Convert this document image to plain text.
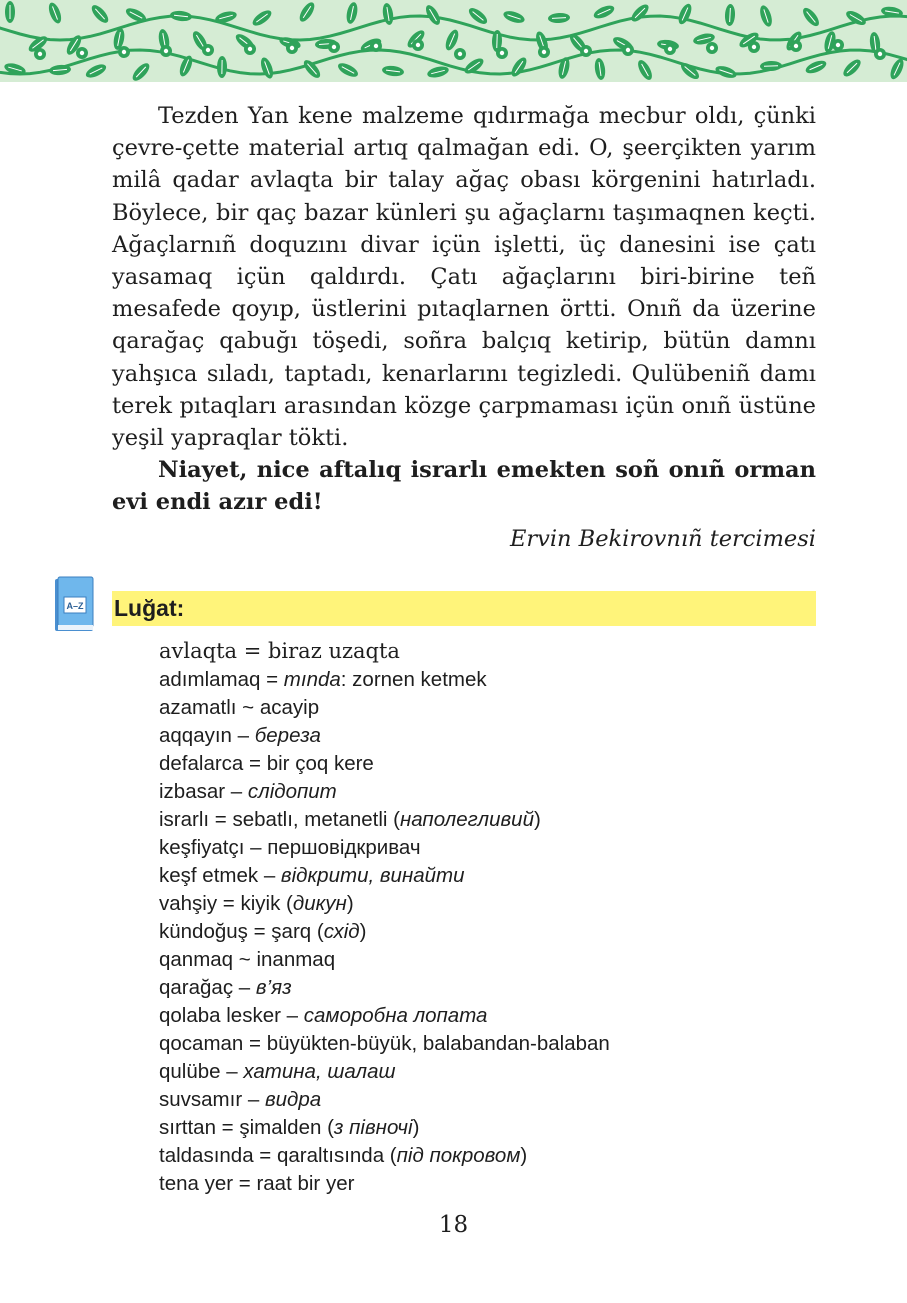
Tezden Yan kene malzeme qıdırmağa mecbur oldı, çünki çevre-çette material artıq qalmağan edi. O, şeerçikten yarım milâ qadar avlaqta bir talay ağaç obası körgenini hatırladı. Böylece, bir qaç bazar künleri şu ağaçlarnı taşımaqnen keçti. Ağaçlarnıñ doquzını divar içün işletti, üç danesini ise çatı yasamaq içün qaldırdı. Çatı ağaçlarını biri-birine teñ mesafede qoyıp, üstlerini pıtaqlarnen örtti. Onıñ da üzerine qarağaç qabuğı töşedi, soñra balçıq ketirip, bütün damnı yahşıca sıladı, taptadı, kenarlarını tegizledi. Qulübeniñ damı terek pıtaqları arasından közge çarpmaması içün onıñ üstüne yeşil yapraqlar tökti.

Niayet, nice aftalıq israrlı emekten soñ onıñ orman evi endi azır edi!

Ervin Bekirovnıñ tercimesi
A–Z Luğat:
avlaqta = biraz uzaqta
adımlamaq = mında: zornen ketmek
azamatlı ~ acayip
aqqayın – береза
defalarca = bir çoq kere
izbasar – слідопит
israrlı = sebatlı, metanetli (наполегливий)
keşfiyatçı – першовідкривач
keşf etmek – відкрити, винайти
vahşiy = kiyik (дикун)
kündoğuş = şarq (схід)
qanmaq ~ inanmaq
qarağaç – в’яз
qolaba lesker – саморобна лопата
qocaman = büyükten-büyük, balabandan-balaban
qulübe – хатина, шалаш
suvsamır – видра
sırttan = şimalden (з півночі)
taldasında = qaraltısında (під покровом)
tena yer = raat bir yer
18
